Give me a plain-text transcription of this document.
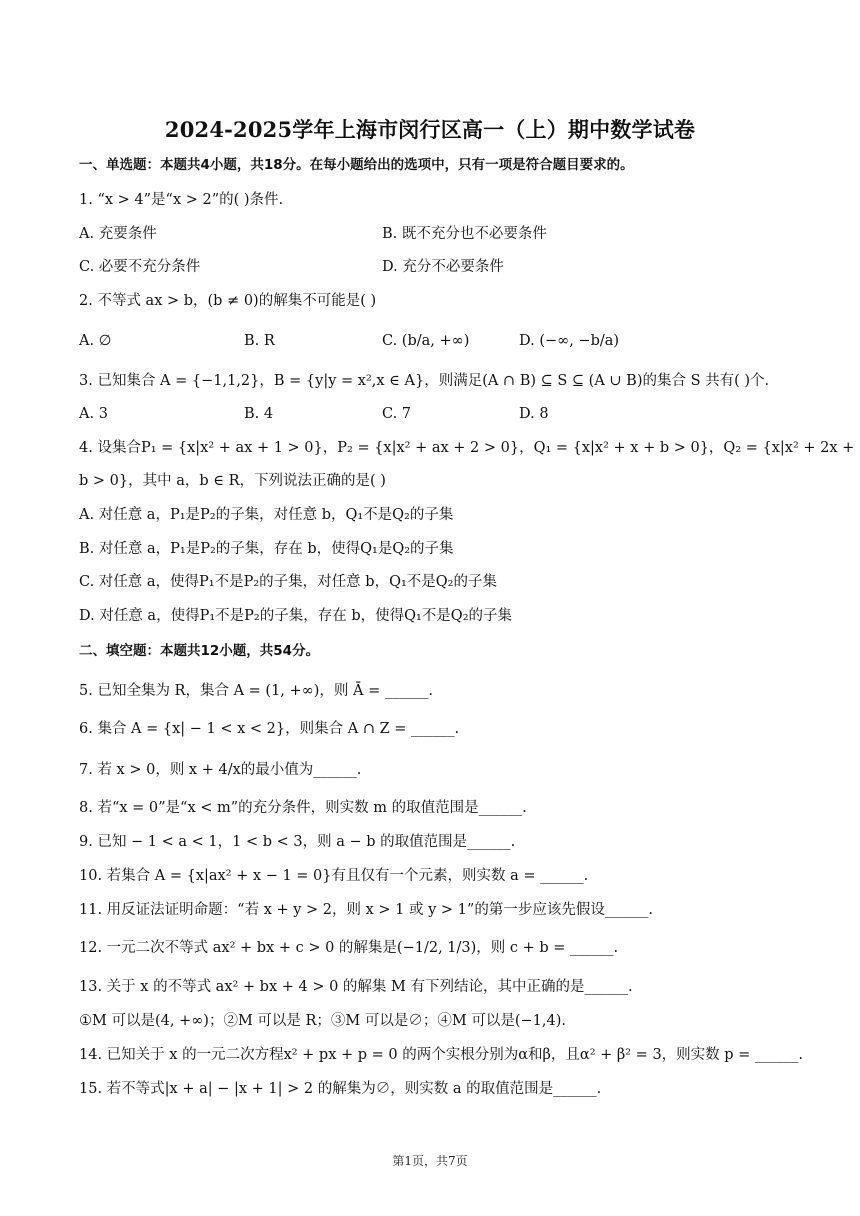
2024-2025学年上海市闵行区高一（上）期中数学试卷
一、单选题：本题共4小题，共18分。在每小题给出的选项中，只有一项是符合题目要求的。
1. “x > 4”是“x > 2”的( )条件.
A. 充要条件	B. 既不充分也不必要条件
C. 必要不充分条件	D. 充分不必要条件
2. 不等式 ax > b，(b ≠ 0)的解集不可能是( )
A. ∅	B. R	C. (b/a, +∞)	D. (−∞, −b/a)
3. 已知集合 A = {−1,1,2}，B = {y|y = x²,x ∈ A}，则满足(A ∩ B) ⊆ S ⊆ (A ∪ B)的集合 S 共有( )个.
A. 3	B. 4	C. 7	D. 8
4. 设集合P₁ = {x|x² + ax + 1 > 0}，P₂ = {x|x² + ax + 2 > 0}，Q₁ = {x|x² + x + b > 0}，Q₂ = {x|x² + 2x +
b > 0}，其中 a，b ∈ R，下列说法正确的是( )
A. 对任意 a，P₁是P₂的子集，对任意 b，Q₁不是Q₂的子集
B. 对任意 a，P₁是P₂的子集，存在 b，使得Q₁是Q₂的子集
C. 对任意 a，使得P₁不是P₂的子集，对任意 b，Q₁不是Q₂的子集
D. 对任意 a，使得P₁不是P₂的子集，存在 b，使得Q₁不是Q₂的子集
二、填空题：本题共12小题，共54分。
5. 已知全集为 R，集合 A = (1, +∞)，则 Ā = ______.
6. 集合 A = {x| − 1 < x < 2}，则集合 A ∩ Z = ______.
7. 若 x > 0，则 x + 4/x的最小值为______.
8. 若“x = 0”是“x < m”的充分条件，则实数 m 的取值范围是______.
9. 已知 − 1 < a < 1，1 < b < 3，则 a − b 的取值范围是______.
10. 若集合 A = {x|ax² + x − 1 = 0}有且仅有一个元素，则实数 a = ______.
11. 用反证法证明命题：“若 x + y > 2，则 x > 1 或 y > 1”的第一步应该先假设______.
12. 一元二次不等式 ax² + bx + c > 0 的解集是(−1/2, 1/3)，则 c + b = ______.
13. 关于 x 的不等式 ax² + bx + 4 > 0 的解集 M 有下列结论，其中正确的是______.
①M 可以是(4, +∞)；②M 可以是 R；③M 可以是∅；④M 可以是(−1,4).
14. 已知关于 x 的一元二次方程x² + px + p = 0 的两个实根分别为α和β，且α² + β² = 3，则实数 p = ______.
15. 若不等式|x + a| − |x + 1| > 2 的解集为∅，则实数 a 的取值范围是______.
第1页，共7页
